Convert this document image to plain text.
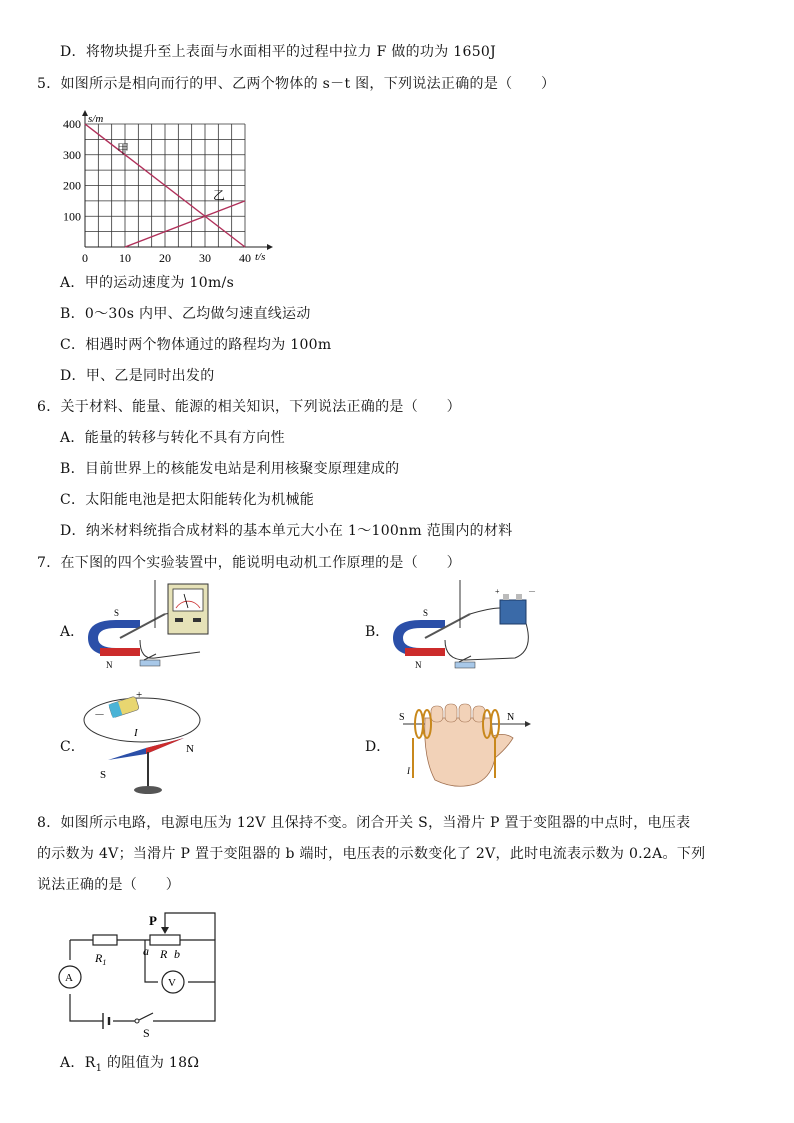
D．将物块提升至上表面与水面相平的过程中拉力 F 做的功为 1650J
5．如图所示是相向而行的甲、乙两个物体的 s－t 图，下列说法正确的是（　　）
t/s
s/m
0	10 20 30 40
100
200
300
400
甲
乙
A．甲的运动速度为 10m/s
B．0～30s 内甲、乙均做匀速直线运动
C．相遇时两个物体通过的路程均为 100m
D．甲、乙是同时出发的
6．关于材料、能量、能源的相关知识，下列说法正确的是（　　）
A．能量的转移与转化不具有方向性
B．目前世界上的核能发电站是利用核聚变原理建成的
C．太阳能电池是把太阳能转化为机械能
D．纳米材料统指合成材料的基本单元大小在 1～100nm 范围内的材料
7．在下图的四个实验装置中，能说明电动机工作原理的是（　　）
A．
S
N
B．
S
N
+	－
C．
+
－
I
S
N	D．
S	N
I
8．如图所示电路，电源电压为 12V 且保持不变。闭合开关 S，当滑片 P 置于变阻器的中点时，电压表
的示数为 4V；当滑片 P 置于变阻器的 b 端时，电压表的示数变化了 2V，此时电流表示数为 0.2A。下列
说法正确的是（　　）
P
$R_1$
a R b
A	V
S
A．$R_1$ 的阻值为 18Ω
